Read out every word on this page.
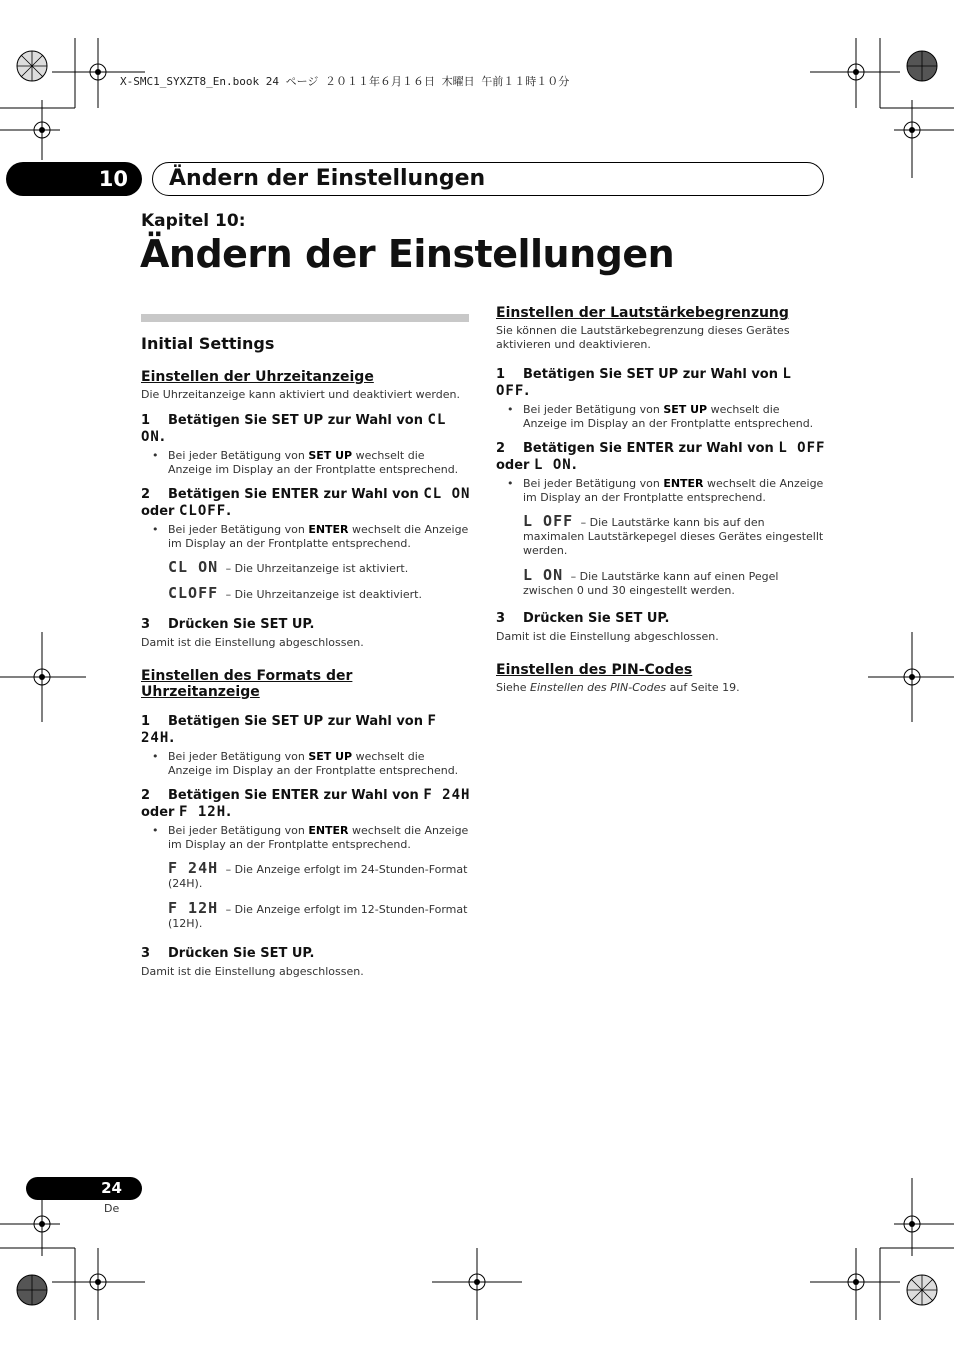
X-SMC1_SYXZT8_En.book 24 ページ ２０１１年６月１６日 木曜日 午前１１時１０分
10	Ändern der Einstellungen
Kapitel 10:
Ändern der Einstellungen
Initial Settings
Einstellen der Uhrzeitanzeige
Die Uhrzeitanzeige kann aktiviert und deaktiviert werden.
1 Betätigen Sie SET UP zur Wahl von CL ON.
• Bei jeder Betätigung von SET UP wechselt die Anzeige im Display an der Frontplatte entsprechend.
2 Betätigen Sie ENTER zur Wahl von CL ON
oder CLOFF.
• Bei jeder Betätigung von ENTER wechselt die Anzeige im Display an der Frontplatte entsprechend.
CL ON – Die Uhrzeitanzeige ist aktiviert.
CLOFF – Die Uhrzeitanzeige ist deaktiviert.
3 Drücken Sie SET UP.
Damit ist die Einstellung abgeschlossen.
Einstellen des Formats der Uhrzeitanzeige
1 Betätigen Sie SET UP zur Wahl von F 24H.
• Bei jeder Betätigung von SET UP wechselt die Anzeige im Display an der Frontplatte entsprechend.
2 Betätigen Sie ENTER zur Wahl von F 24H
oder F 12H.
• Bei jeder Betätigung von ENTER wechselt die Anzeige im Display an der Frontplatte entsprechend.
F 24H – Die Anzeige erfolgt im 24-Stunden-Format (24H).
F 12H – Die Anzeige erfolgt im 12-Stunden-Format (12H).
3 Drücken Sie SET UP.
Damit ist die Einstellung abgeschlossen.
Einstellen der Lautstärkebegrenzung
Sie können die Lautstärkebegrenzung dieses Gerätes aktivieren und deaktivieren.
1 Betätigen Sie SET UP zur Wahl von L OFF.
• Bei jeder Betätigung von SET UP wechselt die Anzeige im Display an der Frontplatte entsprechend.
2 Betätigen Sie ENTER zur Wahl von L OFF
oder L ON.
• Bei jeder Betätigung von ENTER wechselt die Anzeige im Display an der Frontplatte entsprechend.
L OFF – Die Lautstärke kann bis auf den maximalen Lautstärkepegel dieses Gerätes eingestellt werden.
L ON – Die Lautstärke kann auf einen Pegel zwischen 0 und 30 eingestellt werden.
3 Drücken Sie SET UP.
Damit ist die Einstellung abgeschlossen.
Einstellen des PIN-Codes
Siehe Einstellen des PIN-Codes auf Seite 19.
24
De
